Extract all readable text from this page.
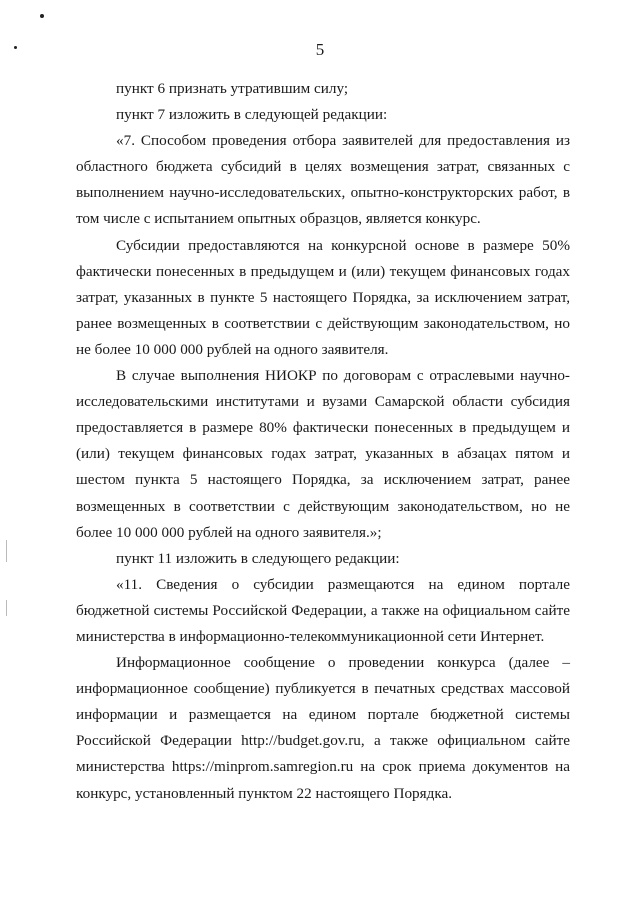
5

пункт 6 признать утратившим силу;

пункт 7 изложить в следующей редакции:

«7. Способом проведения отбора заявителей для предоставления из областного бюджета субсидий в целях возмещения затрат, связанных с выполнением научно-исследовательских, опытно-конструкторских работ, в том числе с испытанием опытных образцов, является конкурс.

Субсидии предоставляются на конкурсной основе в размере 50% фактически понесенных в предыдущем и (или) текущем финансовых годах затрат, указанных в пункте 5 настоящего Порядка, за исключением затрат, ранее возмещенных в соответствии с действующим законодательством, но не более 10 000 000 рублей на одного заявителя.

В случае выполнения НИОКР по договорам с отраслевыми научно-исследовательскими институтами и вузами Самарской области субсидия предоставляется в размере 80% фактически понесенных в предыдущем и (или) текущем финансовых годах затрат, указанных в абзацах пятом и шестом пункта 5 настоящего Порядка, за исключением затрат, ранее возмещенных в соответствии с действующим законодательством, но не более 10 000 000 рублей на одного заявителя.»;

пункт 11 изложить в следующего редакции:

«11. Сведения о субсидии размещаются на едином портале бюджетной системы Российской Федерации, а также на официальном сайте министерства в информационно-телекоммуникационной сети Интернет.

Информационное сообщение о проведении конкурса (далее – информационное сообщение) публикуется в печатных средствах массовой информации и размещается на едином портале бюджетной системы Российской Федерации http://budget.gov.ru, а также официальном сайте министерства https://minprom.samregion.ru на срок приема документов на конкурс, установленный пунктом 22 настоящего Порядка.
